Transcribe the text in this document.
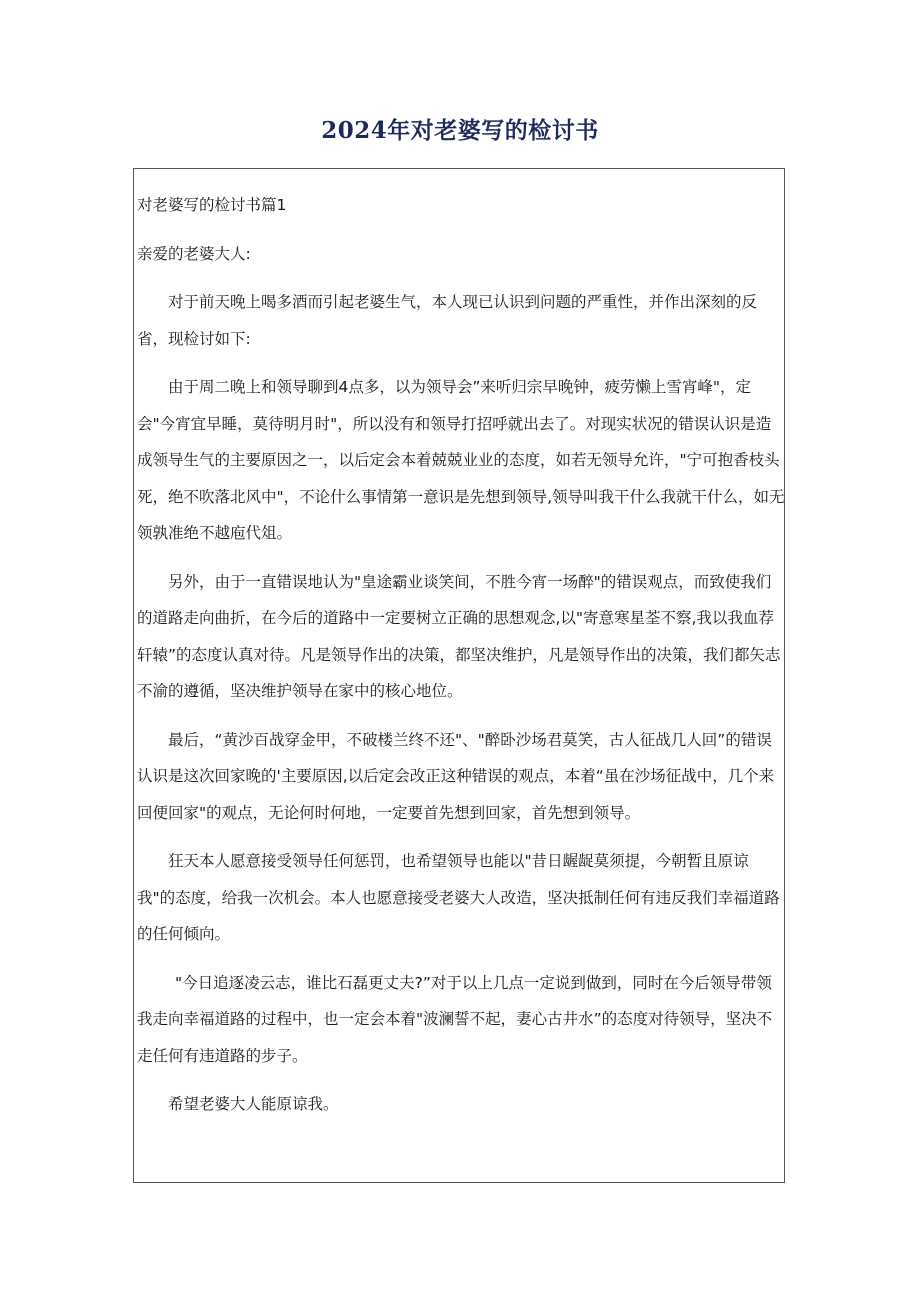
2024年对老婆写的检讨书

对老婆写的检讨书篇1

亲爱的老婆大人:

对于前天晚上喝多酒而引起老婆生气，本人现已认识到问题的严重性，并作出深刻的反省，现检讨如下:

由于周二晚上和领导聊到4点多，以为领导会”来听归宗早晚钟，疲劳懒上雪宵峰"，定会"今宵宜早睡，莫待明月时"，所以没有和领导打招呼就出去了。对现实状况的错误认识是造成领导生气的主要原因之一，以后定会本着兢兢业业的态度，如若无领导允许，"宁可抱香枝头死，绝不吹落北风中"，不论什么事情第一意识是先想到领导,领导叫我干什么我就干什么，如无领孰准绝不越庖代俎。

另外，由于一直错误地认为"皇途霸业谈笑间，不胜今宵一场醉"的错误观点，而致使我们的道路走向曲折，在今后的道路中一定要树立正确的思想观念,以"寄意寒星荃不察,我以我血荐轩辕”的态度认真对待。凡是领导作出的决策，都坚决维护，凡是领导作出的决策，我们都矢志不渝的遵循，坚决维护领导在家中的核心地位。

最后，“黄沙百战穿金甲，不破楼兰终不还"、"醉卧沙场君莫笑，古人征战几人回”的错误认识是这次回家晚的'主要原因,以后定会改正这种错误的观点，本着“虽在沙场征战中，几个来回便回家"的观点，无论何时何地，一定要首先想到回家，首先想到领导。

狂天本人愿意接受领导任何惩罚，也希望领导也能以"昔日龌龊莫须提，今朝暂且原谅我"的态度，给我一次机会。本人也愿意接受老婆大人改造，坚决抵制任何有违反我们幸福道路的任何倾向。

"今日追逐凌云志，谁比石磊更丈夫?”对于以上几点一定说到做到，同时在今后领导带领我走向幸福道路的过程中，也一定会本着"波澜誓不起，妻心古井水”的态度对待领导，坚决不走任何有违道路的步子。

希望老婆大人能原谅我。
